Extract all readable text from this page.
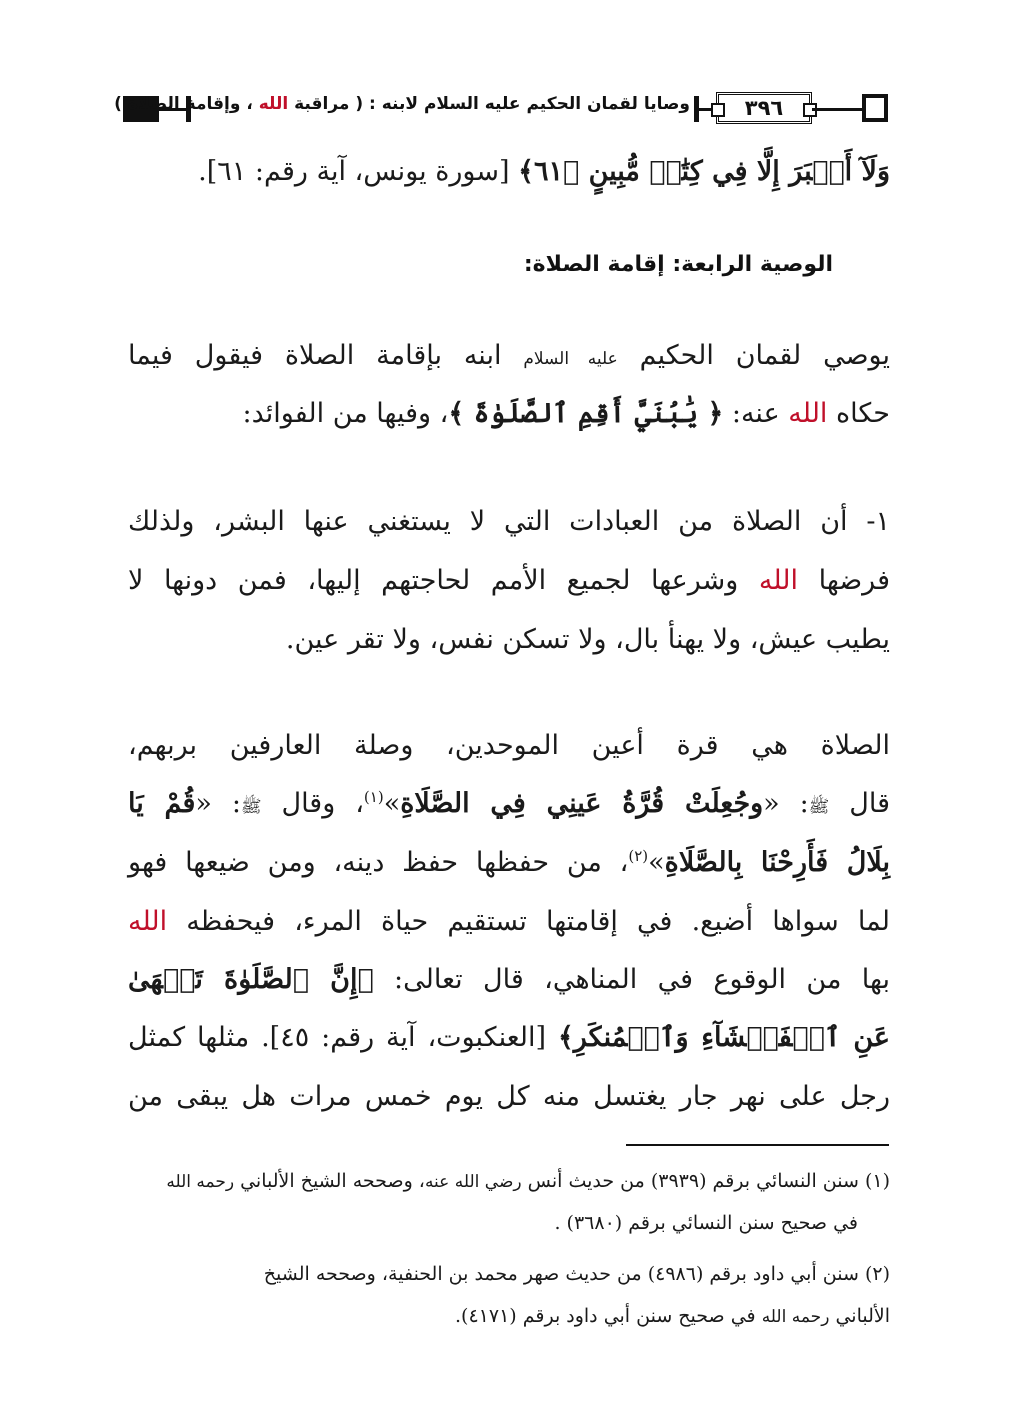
وصايا لقمان الحكيم عليه السلام لابنه : ( مراقبة الله ، وإقامة الصلاة )	٣٩٦
وَلَآ أَكۡبَرَ إِلَّا فِي كِتَٰبٖ مُّبِينٍ ﴿٦١﴾ [سورة يونس، آية رقم: ٦١].
الوصية الرابعة: إقامة الصلاة:
يوصي لقمان الحكيم عليه السلام ابنه بإقامة الصلاة فيقول فيما
حكاه الله عنه: ﴿ يَٰبُنَيَّ أَقِمِ ٱلصَّلَوٰةَ ﴾، وفيها من الفوائد:
١- أن الصلاة من العبادات التي لا يستغني عنها البشر، ولذلك
فرضها الله وشرعها لجميع الأمم لحاجتهم إليها، فمن دونها لا
يطيب عيش، ولا يهنأ بال، ولا تسكن نفس، ولا تقر عين.
الصلاة هي قرة أعين الموحدين، وصلة العارفين بربهم،
قال ﷺ: «وجُعِلَتْ قُرَّةُ عَينِي فِي الصَّلَاةِ»$^{(١)}$، وقال ﷺ: «قُمْ يَا
بِلَالُ فَأَرِحْنَا بِالصَّلَاةِ»$^{(٢)}$، من حفظها حفظ دينه، ومن ضيعها فهو
لما سواها أضيع. في إقامتها تستقيم حياة المرء، فيحفظه الله
بها من الوقوع في المناهي، قال تعالى: ﴿إِنَّ ٱلصَّلَوٰةَ تَنۡهَىٰ
عَنِ ٱلۡفَحۡشَآءِ وَٱلۡمُنكَرِ﴾ [العنكبوت، آية رقم: ٤٥]. مثلها كمثل
رجل على نهر جار يغتسل منه كل يوم خمس مرات هل يبقى من
(١) سنن النسائي برقم (٣٩٣٩) من حديث أنس رضي الله عنه، وصححه الشيخ الألباني رحمه الله
في صحيح سنن النسائي برقم (٣٦٨٠) .
(٢) سنن أبي داود برقم (٤٩٨٦) من حديث صهر محمد بن الحنفية، وصححه الشيخ
الألباني رحمه الله في صحيح سنن أبي داود برقم (٤١٧١).
